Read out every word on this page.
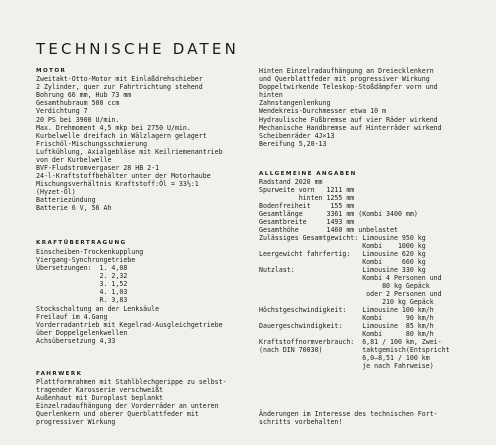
TECHNISCHE DATEN
MOTOR
Zweitakt-Otto-Motor mit Einlaßdrehschieber
2 Zylinder, quer zur Fahrtrichtung stehend
Bohrung 66 mm, Hub 73 mm
Gesamthubraum 500 ccm
Verdichtung 7
20 PS bei 3900 U/min.
Max. Drehmoment 4,5 mkp bei 2750 U/min.
Kurbelwelle dreifach in Wälzlagern gelagert
Frischöl-Mischungsschmierung
Luftkühlung, Axialgebläse mit Keilriemenantrieb
von der Kurbelwelle
BVF-Fludstromvergaser 28 HB 2-1
24-l-Kraftstoffbehälter unter der Motorhaube
Mischungsverhältnis Kraftstoff:Öl = 33⅓:1
(Hyzet-Öl)
Batteriezündung
Batterie 6 V, 56 Ah
KRAFTÜBERTRAGUNG
Einscheiben-Trockenkupplung
Viergang-Synchrongetriebe
Übersetzungen:  1. 4,08
2. 2,32
3. 1,52
4. 1,03
R. 3,83
Stockschaltung an der Lenksäule
Freilauf im 4.Gang
Vorderradantrieb mit Kegelrad-Ausgleichgetriebe
über Doppelgelenkwellen
Achsübersetzung 4,33
FAHRWERK
Plattformrahmen mit Stahlblechgerippe zu selbst-
tragender Karosserie verschweißt
Außenhaut mit Duroplast beplankt
Einzelradaufhängung der Vorderräder an unteren
Querlenkern und oberer Querblattfeder mit
progressiver Wirkung
Hinten Einzelradaufhängung an Dreiecklenkern
und Querblattfeder mit progressiver Wirkung
Doppeltwirkende Teleskop-Stoßdämpfer vorn und
hinten
Zahnstangenlenkung
Wendekreis-Durchmesser etwa 10 m
Hydraulische Fußbremse auf vier Räder wirkend
Mechanische Handbremse auf Hinterräder wirkend
Scheibenräder 4J×13
Bereifung 5,20-13
ALLGEMEINE ANGABEN
Radstand 2020 mm
Spurweite vorn   1211 mm
hinten 1255 mm
Bodenfreiheit     155 mm
Gesamtlänge      3361 mm (Kombi 3400 mm)
Gesamtbreite     1493 mm
Gesamthöhe       1460 mm unbelastet
Zulässiges Gesamtgewicht: Limousine 950 kg
Kombi    1000 kg
Leergewicht fahrfertig:   Limousine 620 kg
Kombi     660 kg
Nutzlast:                 Limousine 330 kg
Kombi 4 Personen und
80 kg Gepäck
oder 2 Personen und
210 kg Gepäck
Höchstgeschwindigkeit:    Limousine 100 km/h
Kombi      90 km/h
Dauergeschwindigkeit:     Limousine  85 km/h
Kombi      80 km/h
Kraftstoffnormverbrauch:  6,81 / 100 km, Zwei-
(nach DIN 70030)          taktgemisch(Entspricht
6,0–8,51 / 100 km
je nach Fahrweise)
Änderungen im Interesse des technischen Fort-
schritts vorbehalten!
